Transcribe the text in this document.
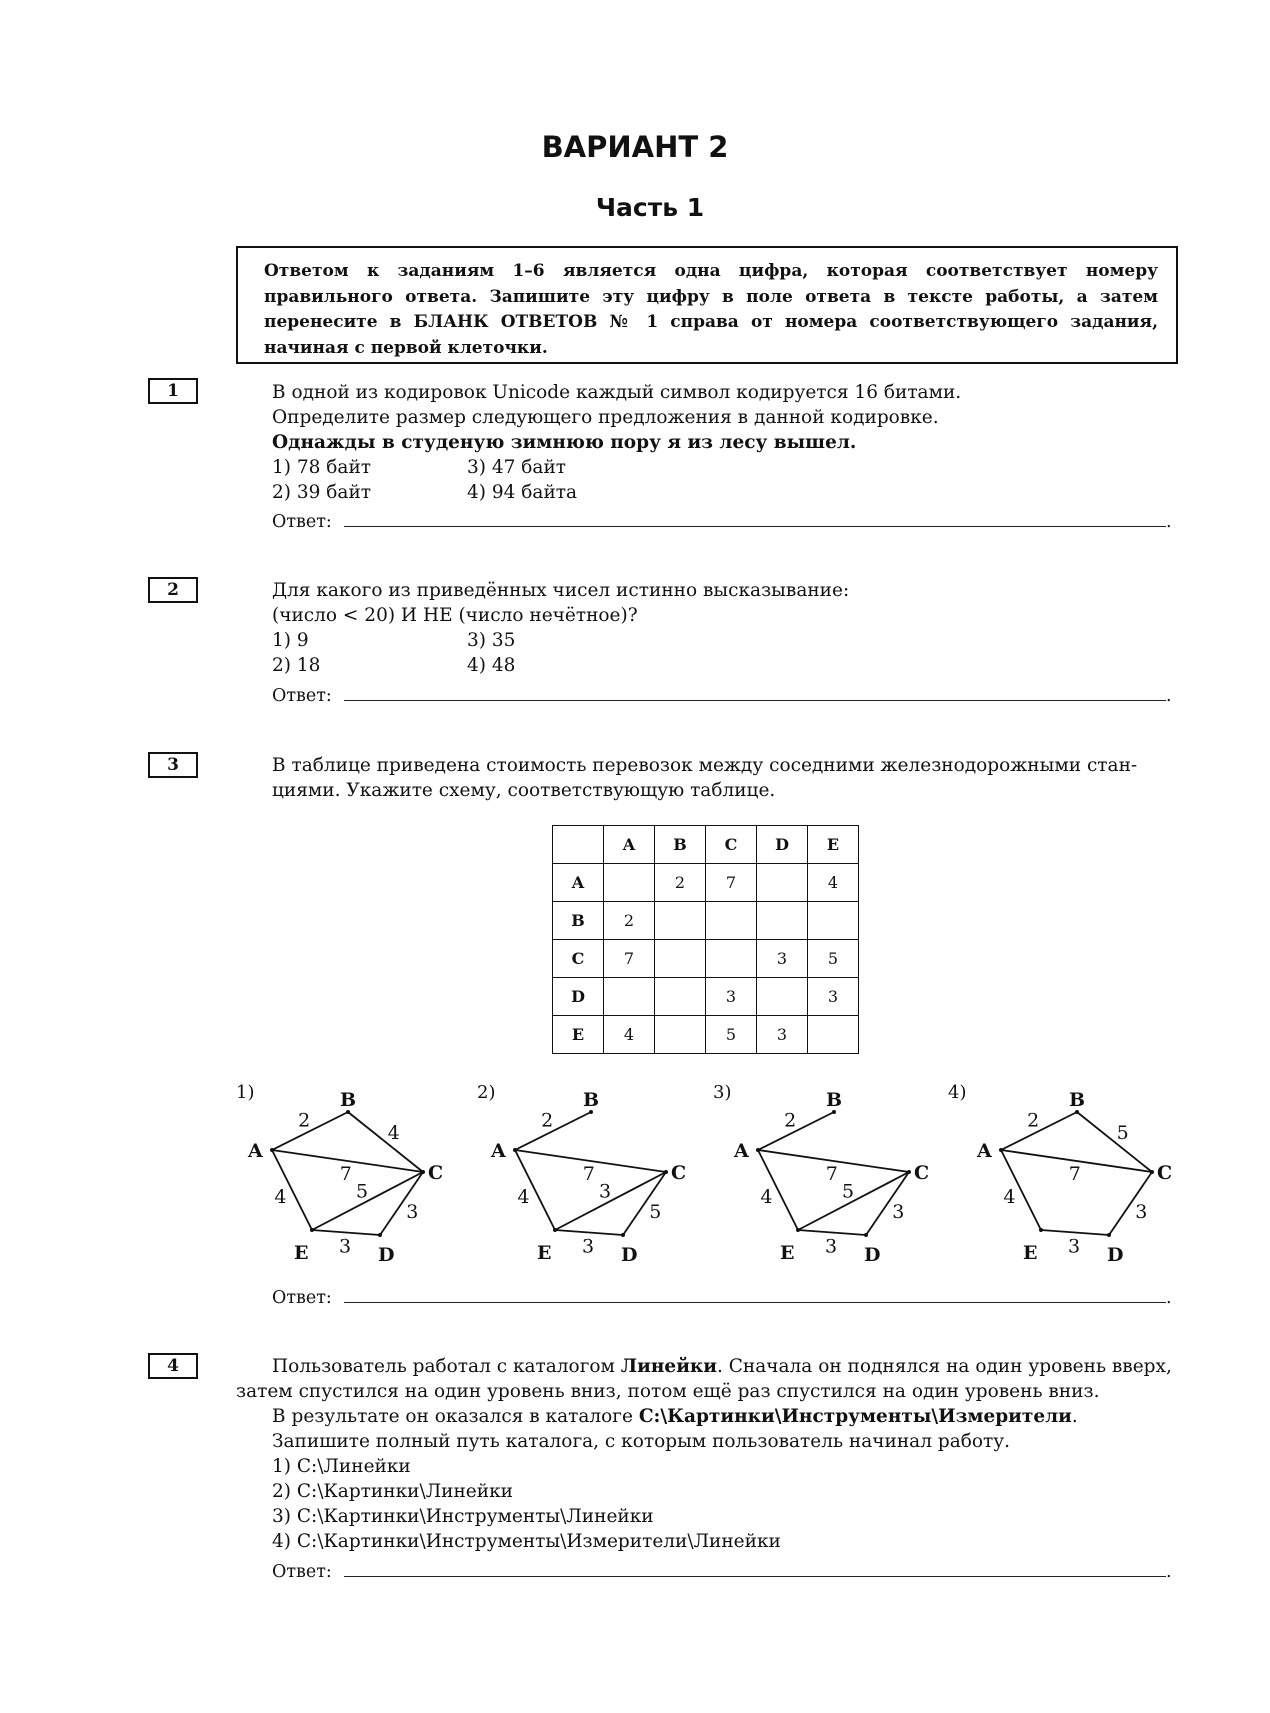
ВАРИАНТ 2
Часть 1
Ответом к заданиям 1–6 является одна цифра, которая соответствует номеру правильного ответа. Запишите эту цифру в поле ответа в тексте работы, а затем перенесите в БЛАНК ОТВЕТОВ № 1 справа от номера соответствующего задания, начиная с первой клеточки.
1	В одной из кодировок Unicode каждый символ кодируется 16 битами.
Определите размер следующего предложения в данной кодировке.
Однажды в студеную зимнюю пору я из лесу вышел.
1) 78 байт	3) 47 байт
2) 39 байт	4) 94 байта
Ответ:	.
2	Для какого из приведённых чисел истинно высказывание:
(число < 20) И НЕ (число нечётное)?
1) 9	3) 35
2) 18	4) 48
Ответ:	.
3	В таблице приведена стоимость перевозок между соседними железнодорожными стан-
циями. Укажите схему, соответствующую таблице.
	A	B	C	D	E
A		2	7		4
B	2				
C	7			3	5
D			3		3
E	4		5	3	
1)	2)	3)	4)
2
4
7
4	5
3
3
A
B
C
E	D
2
7
4	3
5
3
A
B
C
E	D
2
7
4	5
3
3
A
B
C
E	D
2
5
7
4
3
3
A
B
C
E	D
Ответ:	.
4	Пользователь работал с каталогом Линейки. Сначала он поднялся на один уровень вверх,
затем спустился на один уровень вниз, потом ещё раз спустился на один уровень вниз.
В результате он оказался в каталоге С:\Картинки\Инструменты\Измерители.
Запишите полный путь каталога, с которым пользователь начинал работу.
1) С:\Линейки
2) С:\Картинки\Линейки
3) С:\Картинки\Инструменты\Линейки
4) С:\Картинки\Инструменты\Измерители\Линейки
Ответ:	.
